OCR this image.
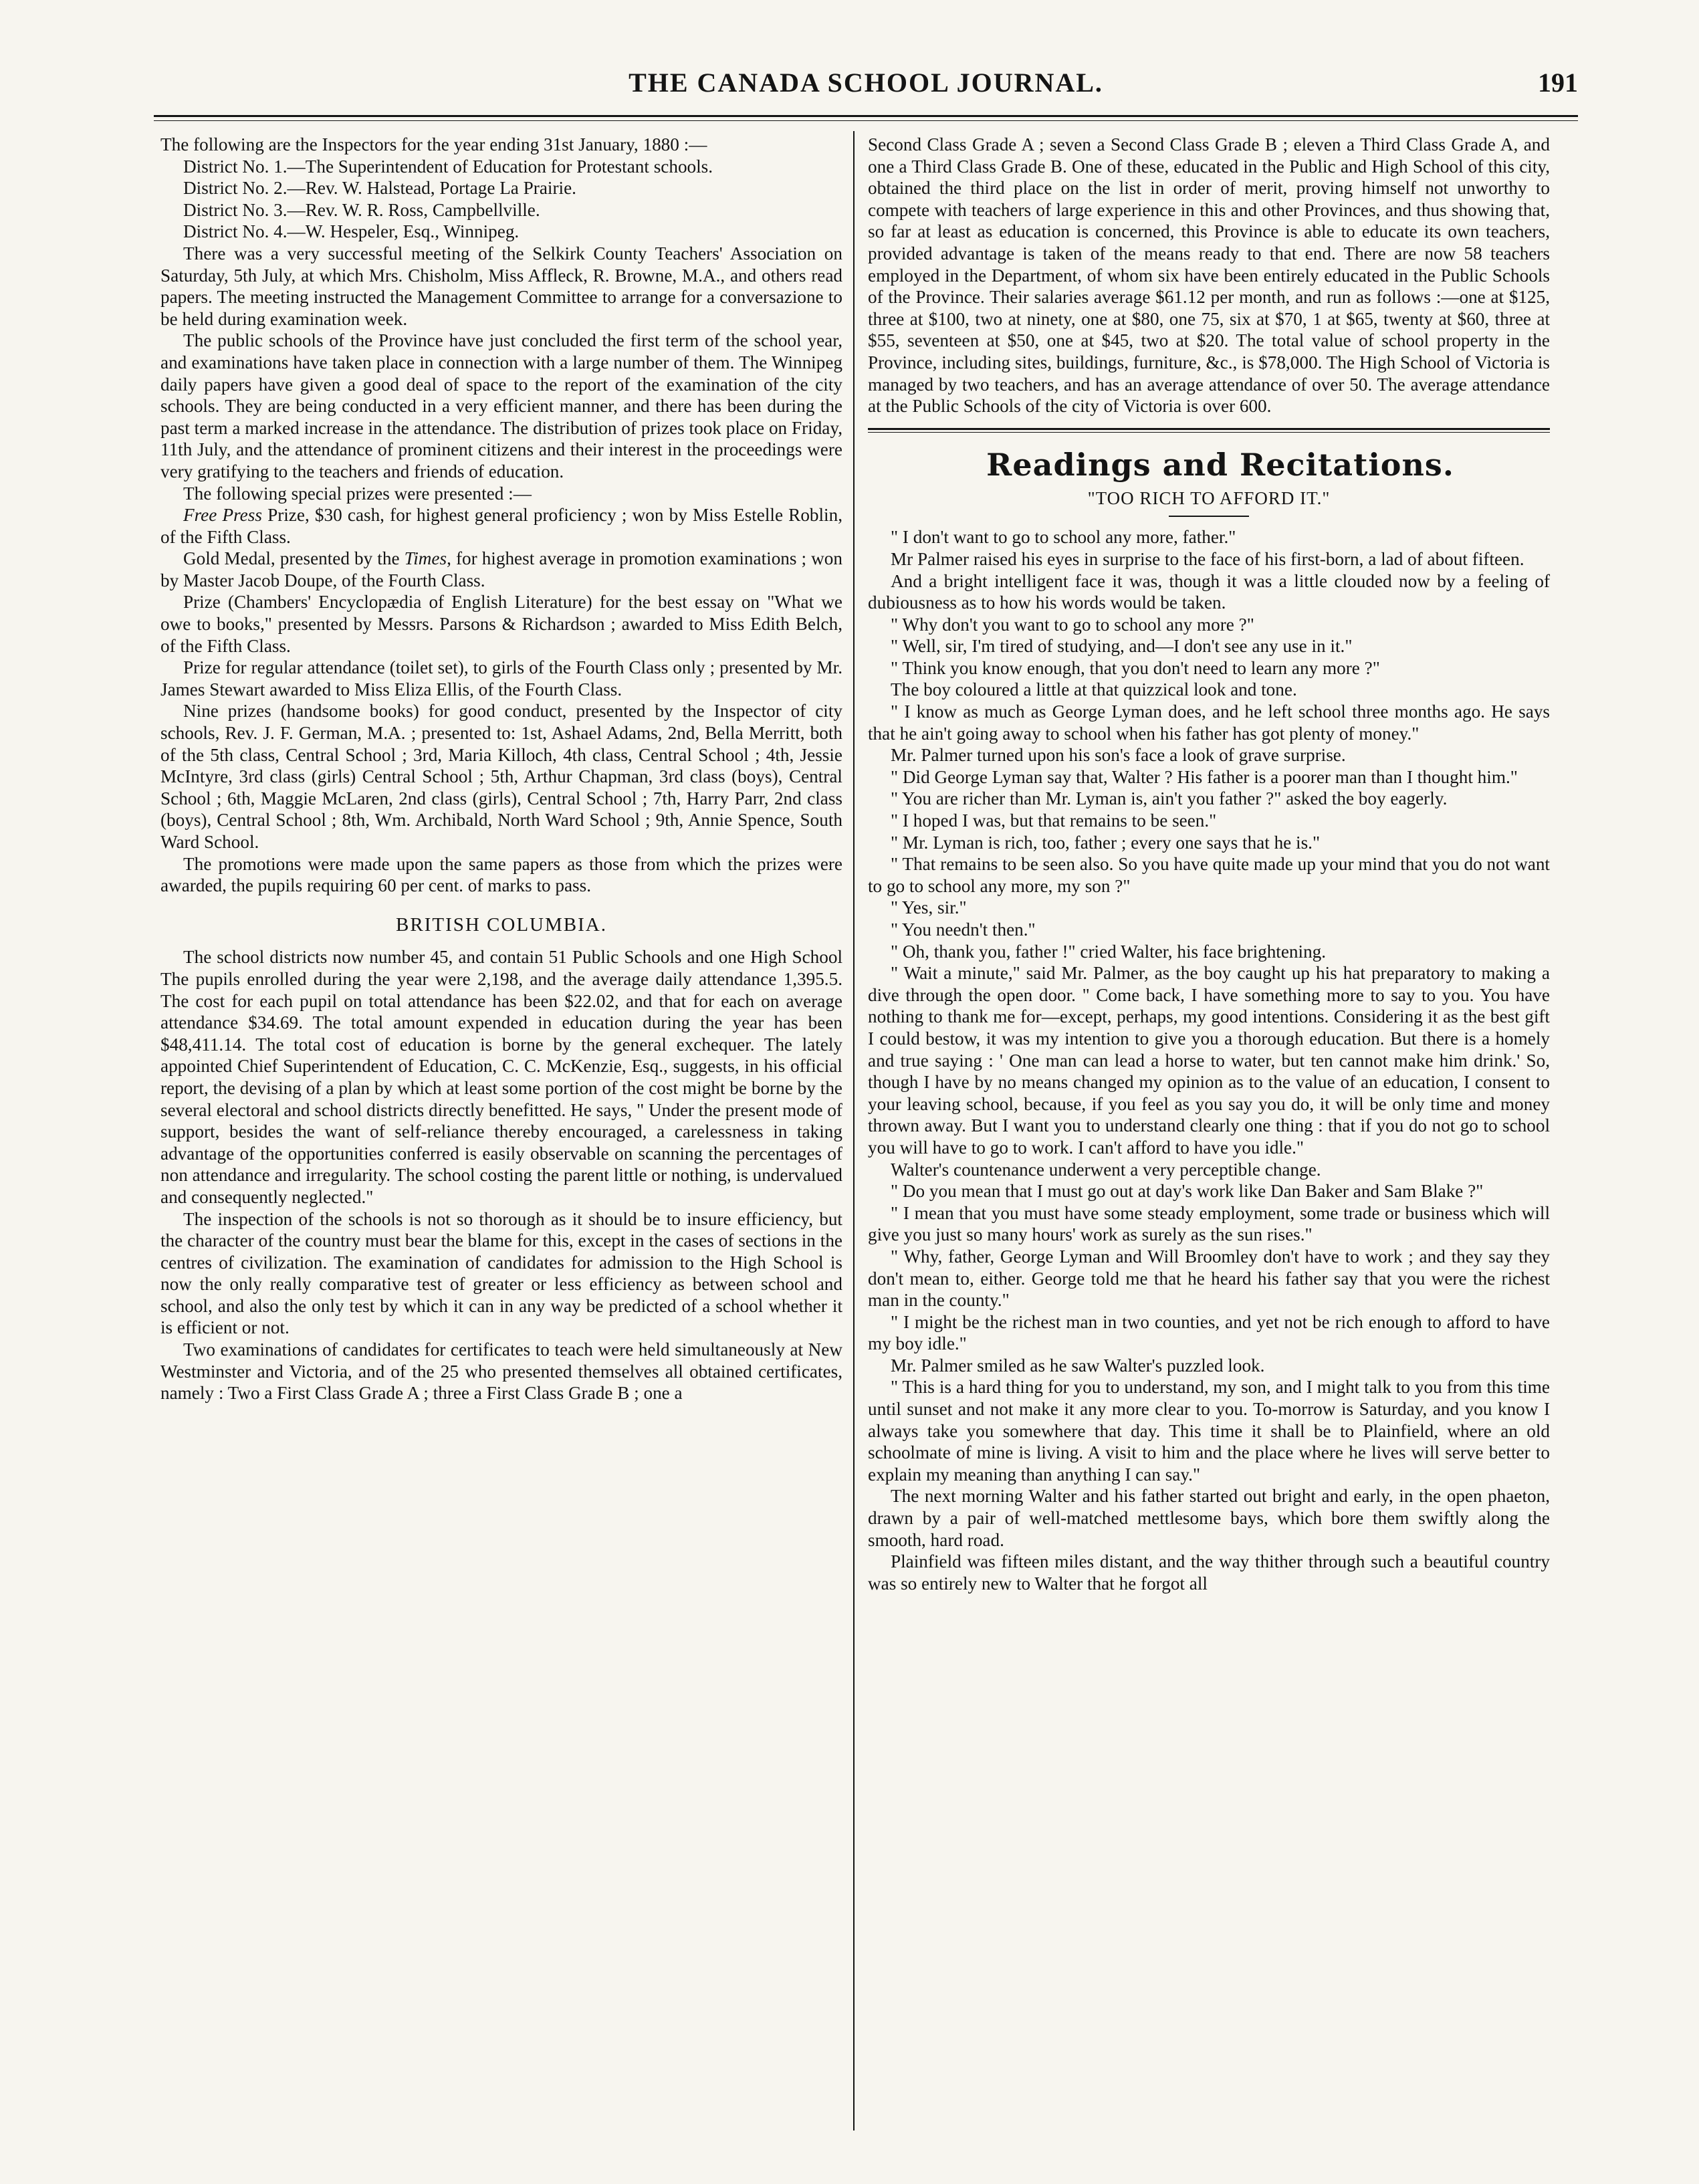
THE CANADA SCHOOL JOURNAL.	191

The following are the Inspectors for the year ending 31st January, 1880 :—

District No. 1.—The Superintendent of Education for Protestant schools.

District No. 2.—Rev. W. Halstead, Portage La Prairie.

District No. 3.—Rev. W. R. Ross, Campbellville.

District No. 4.—W. Hespeler, Esq., Winnipeg.

There was a very successful meeting of the Selkirk County Teachers' Association on Saturday, 5th July, at which Mrs. Chisholm, Miss Affleck, R. Browne, M.A., and others read papers. The meeting instructed the Management Committee to arrange for a conversazione to be held during examination week.

The public schools of the Province have just concluded the first term of the school year, and examinations have taken place in connection with a large number of them. The Winnipeg daily papers have given a good deal of space to the report of the examination of the city schools. They are being conducted in a very efficient manner, and there has been during the past term a marked increase in the attendance. The distribution of prizes took place on Friday, 11th July, and the attendance of prominent citizens and their interest in the proceedings were very gratifying to the teachers and friends of education.

The following special prizes were presented :—

Free Press Prize, $30 cash, for highest general proficiency ; won by Miss Estelle Roblin, of the Fifth Class.

Gold Medal, presented by the Times, for highest average in promotion examinations ; won by Master Jacob Doupe, of the Fourth Class.

Prize (Chambers' Encyclopædia of English Literature) for the best essay on "What we owe to books," presented by Messrs. Parsons & Richardson ; awarded to Miss Edith Belch, of the Fifth Class.

Prize for regular attendance (toilet set), to girls of the Fourth Class only ; presented by Mr. James Stewart awarded to Miss Eliza Ellis, of the Fourth Class.

Nine prizes (handsome books) for good conduct, presented by the Inspector of city schools, Rev. J. F. German, M.A. ; presented to: 1st, Ashael Adams, 2nd, Bella Merritt, both of the 5th class, Central School ; 3rd, Maria Killoch, 4th class, Central School ; 4th, Jessie McIntyre, 3rd class (girls) Central School ; 5th, Arthur Chapman, 3rd class (boys), Central School ; 6th, Maggie McLaren, 2nd class (girls), Central School ; 7th, Harry Parr, 2nd class (boys), Central School ; 8th, Wm. Archibald, North Ward School ; 9th, Annie Spence, South Ward School.

The promotions were made upon the same papers as those from which the prizes were awarded, the pupils requiring 60 per cent. of marks to pass.

BRITISH COLUMBIA.

The school districts now number 45, and contain 51 Public Schools and one High School The pupils enrolled during the year were 2,198, and the average daily attendance 1,395.5. The cost for each pupil on total attendance has been $22.02, and that for each on average attendance $34.69. The total amount expended in education during the year has been $48,411.14. The total cost of education is borne by the general exchequer. The lately appointed Chief Superintendent of Education, C. C. McKenzie, Esq., suggests, in his official report, the devising of a plan by which at least some portion of the cost might be borne by the several electoral and school districts directly benefitted. He says, " Under the present mode of support, besides the want of self-reliance thereby encouraged, a carelessness in taking advantage of the opportunities conferred is easily observable on scanning the percentages of non attendance and irregularity. The school costing the parent little or nothing, is undervalued and consequently neglected."

The inspection of the schools is not so thorough as it should be to insure efficiency, but the character of the country must bear the blame for this, except in the cases of sections in the centres of civilization. The examination of candidates for admission to the High School is now the only really comparative test of greater or less efficiency as between school and school, and also the only test by which it can in any way be predicted of a school whether it is efficient or not.

Two examinations of candidates for certificates to teach were held simultaneously at New Westminster and Victoria, and of the 25 who presented themselves all obtained certificates, namely : Two a First Class Grade A ; three a First Class Grade B ; one a

Second Class Grade A ; seven a Second Class Grade B ; eleven a Third Class Grade A, and one a Third Class Grade B. One of these, educated in the Public and High School of this city, obtained the third place on the list in order of merit, proving himself not unworthy to compete with teachers of large experience in this and other Provinces, and thus showing that, so far at least as education is concerned, this Province is able to educate its own teachers, provided advantage is taken of the means ready to that end. There are now 58 teachers employed in the Department, of whom six have been entirely educated in the Public Schools of the Province. Their salaries average $61.12 per month, and run as follows :—one at $125, three at $100, two at ninety, one at $80, one 75, six at $70, 1 at $65, twenty at $60, three at $55, seventeen at $50, one at $45, two at $20. The total value of school property in the Province, including sites, buildings, furniture, &c., is $78,000. The High School of Victoria is managed by two teachers, and has an average attendance of over 50. The average attendance at the Public Schools of the city of Victoria is over 600.

Readings and Recitations.

"TOO RICH TO AFFORD IT."

" I don't want to go to school any more, father."

Mr Palmer raised his eyes in surprise to the face of his first-born, a lad of about fifteen.

And a bright intelligent face it was, though it was a little clouded now by a feeling of dubiousness as to how his words would be taken.

" Why don't you want to go to school any more ?"

" Well, sir, I'm tired of studying, and—I don't see any use in it."

" Think you know enough, that you don't need to learn any more ?"

The boy coloured a little at that quizzical look and tone.

" I know as much as George Lyman does, and he left school three months ago. He says that he ain't going away to school when his father has got plenty of money."

Mr. Palmer turned upon his son's face a look of grave surprise.

" Did George Lyman say that, Walter ? His father is a poorer man than I thought him."

" You are richer than Mr. Lyman is, ain't you father ?" asked the boy eagerly.

" I hoped I was, but that remains to be seen."

" Mr. Lyman is rich, too, father ; every one says that he is."

" That remains to be seen also. So you have quite made up your mind that you do not want to go to school any more, my son ?"

" Yes, sir."

" You needn't then."

" Oh, thank you, father !" cried Walter, his face brightening.

" Wait a minute," said Mr. Palmer, as the boy caught up his hat preparatory to making a dive through the open door. " Come back, I have something more to say to you. You have nothing to thank me for—except, perhaps, my good intentions. Considering it as the best gift I could bestow, it was my intention to give you a thorough education. But there is a homely and true saying : ' One man can lead a horse to water, but ten cannot make him drink.' So, though I have by no means changed my opinion as to the value of an education, I consent to your leaving school, because, if you feel as you say you do, it will be only time and money thrown away. But I want you to understand clearly one thing : that if you do not go to school you will have to go to work. I can't afford to have you idle."

Walter's countenance underwent a very perceptible change.

" Do you mean that I must go out at day's work like Dan Baker and Sam Blake ?"

" I mean that you must have some steady employment, some trade or business which will give you just so many hours' work as surely as the sun rises."

" Why, father, George Lyman and Will Broomley don't have to work ; and they say they don't mean to, either. George told me that he heard his father say that you were the richest man in the county."

" I might be the richest man in two counties, and yet not be rich enough to afford to have my boy idle."

Mr. Palmer smiled as he saw Walter's puzzled look.

" This is a hard thing for you to understand, my son, and I might talk to you from this time until sunset and not make it any more clear to you. To-morrow is Saturday, and you know I always take you somewhere that day. This time it shall be to Plainfield, where an old schoolmate of mine is living. A visit to him and the place where he lives will serve better to explain my meaning than anything I can say."

The next morning Walter and his father started out bright and early, in the open phaeton, drawn by a pair of well-matched mettlesome bays, which bore them swiftly along the smooth, hard road.

Plainfield was fifteen miles distant, and the way thither through such a beautiful country was so entirely new to Walter that he forgot all
